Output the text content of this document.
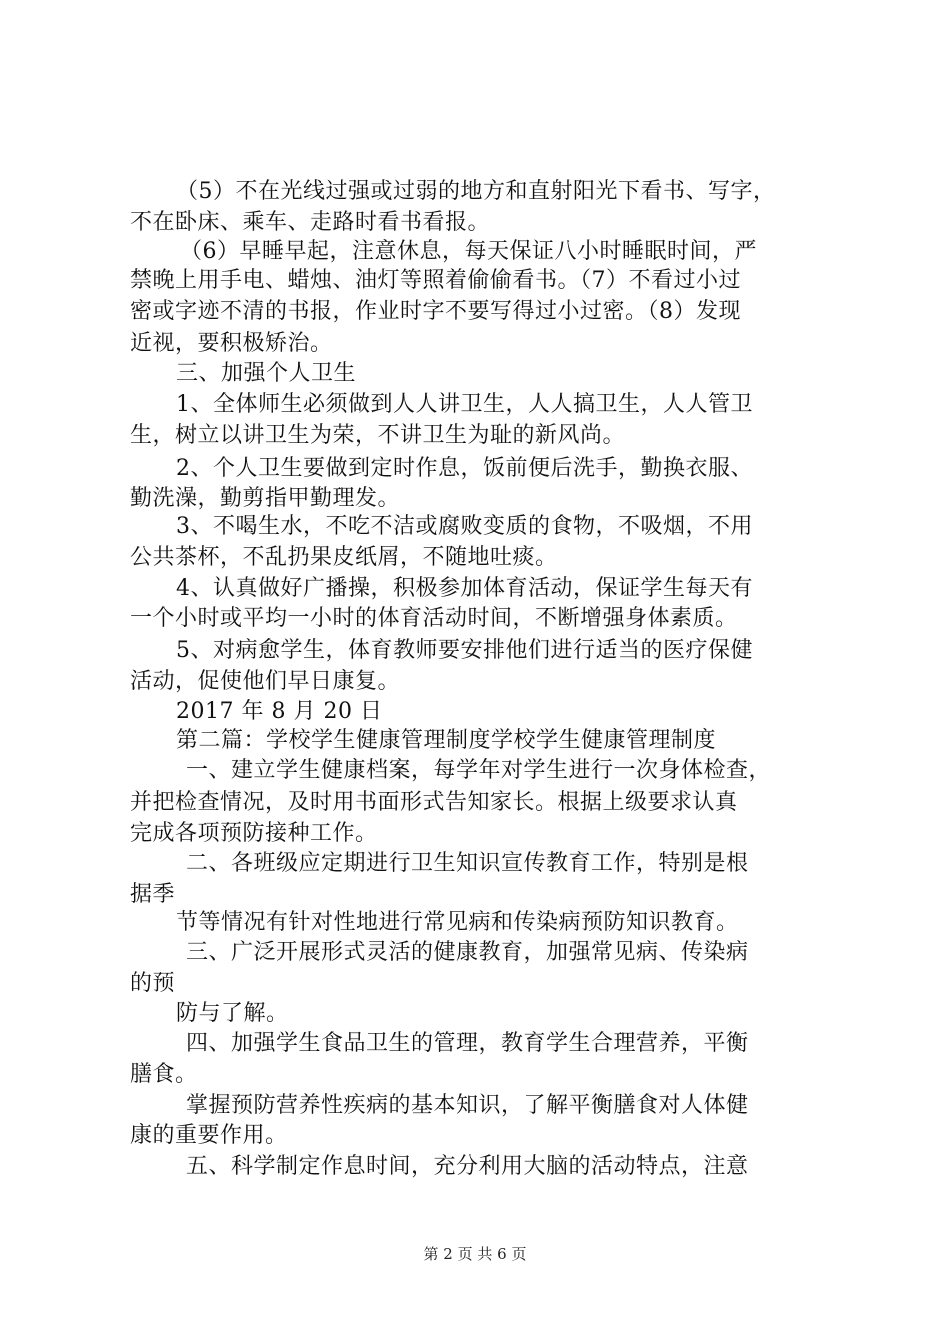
（5）不在光线过强或过弱的地方和直射阳光下看书、写字，
不在卧床、乘车、走路时看书看报。
（6）早睡早起，注意休息，每天保证八小时睡眠时间，严
禁晚上用手电、蜡烛、油灯等照着偷偷看书。（7）不看过小过
密或字迹不清的书报，作业时字不要写得过小过密。（8）发现
近视，要积极矫治。
三、加强个人卫生
1、全体师生必须做到人人讲卫生，人人搞卫生，人人管卫
生，树立以讲卫生为荣，不讲卫生为耻的新风尚。
2、个人卫生要做到定时作息，饭前便后洗手，勤换衣服、
勤洗澡，勤剪指甲勤理发。
3、不喝生水，不吃不洁或腐败变质的食物，不吸烟，不用
公共茶杯，不乱扔果皮纸屑，不随地吐痰。
4、认真做好广播操，积极参加体育活动，保证学生每天有
一个小时或平均一小时的体育活动时间，不断增强身体素质。
5、对病愈学生，体育教师要安排他们进行适当的医疗保健
活动，促使他们早日康复。
2017 年 8 月 20 日
第二篇：学校学生健康管理制度学校学生健康管理制度
一、建立学生健康档案，每学年对学生进行一次身体检查，
并把检查情况，及时用书面形式告知家长。根据上级要求认真
完成各项预防接种工作。
二、各班级应定期进行卫生知识宣传教育工作，特别是根
据季
节等情况有针对性地进行常见病和传染病预防知识教育。
三、广泛开展形式灵活的健康教育，加强常见病、传染病
的预
防与了解。
四、加强学生食品卫生的管理，教育学生合理营养，平衡
膳食。
掌握预防营养性疾病的基本知识，了解平衡膳食对人体健
康的重要作用。
五、科学制定作息时间，充分利用大脑的活动特点，注意
第 2 页 共 6 页
